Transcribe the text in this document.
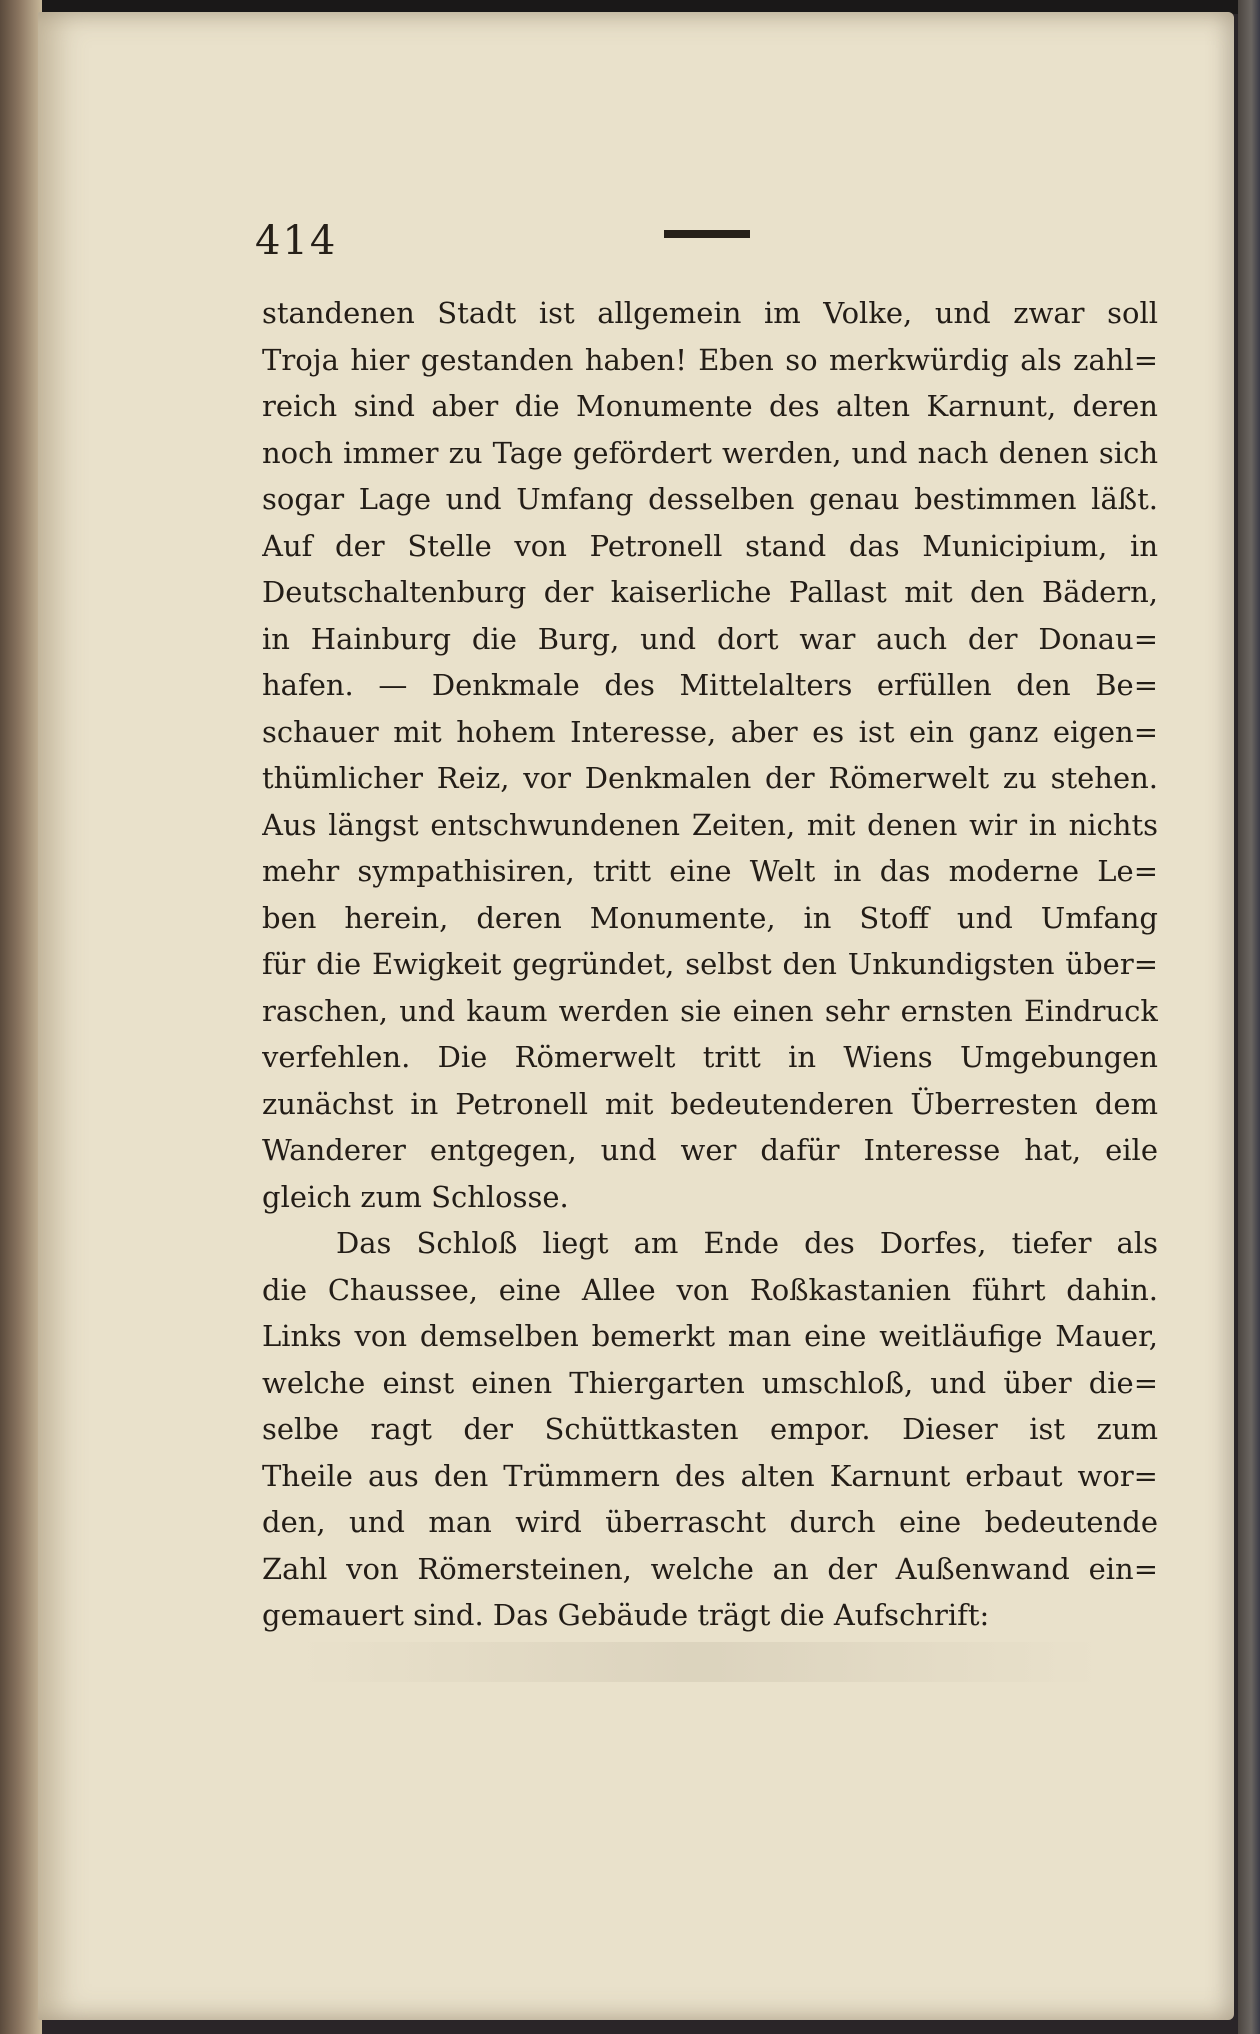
414
standenen Stadt ist allgemein im Volke, und zwar soll
Troja hier gestanden haben! Eben so merkwürdig als zahl=
reich sind aber die Monumente des alten Karnunt, deren
noch immer zu Tage gefördert werden, und nach denen sich
sogar Lage und Umfang desselben genau bestimmen läßt.
Auf der Stelle von Petronell stand das Municipium, in
Deutschaltenburg der kaiserliche Pallast mit den Bädern,
in Hainburg die Burg, und dort war auch der Donau=
hafen. — Denkmale des Mittelalters erfüllen den Be=
schauer mit hohem Interesse, aber es ist ein ganz eigen=
thümlicher Reiz, vor Denkmalen der Römerwelt zu stehen.
Aus längst entschwundenen Zeiten, mit denen wir in nichts
mehr sympathisiren, tritt eine Welt in das moderne Le=
ben herein, deren Monumente, in Stoff und Umfang
für die Ewigkeit gegründet, selbst den Unkundigsten über=
raschen, und kaum werden sie einen sehr ernsten Eindruck
verfehlen. Die Römerwelt tritt in Wiens Umgebungen
zunächst in Petronell mit bedeutenderen Überresten dem
Wanderer entgegen, und wer dafür Interesse hat, eile
gleich zum Schlosse.
Das Schloß liegt am Ende des Dorfes, tiefer als
die Chaussee, eine Allee von Roßkastanien führt dahin.
Links von demselben bemerkt man eine weitläufige Mauer,
welche einst einen Thiergarten umschloß, und über die=
selbe ragt der Schüttkasten empor. Dieser ist zum
Theile aus den Trümmern des alten Karnunt erbaut wor=
den, und man wird überrascht durch eine bedeutende
Zahl von Römersteinen, welche an der Außenwand ein=
gemauert sind. Das Gebäude trägt die Aufschrift:
